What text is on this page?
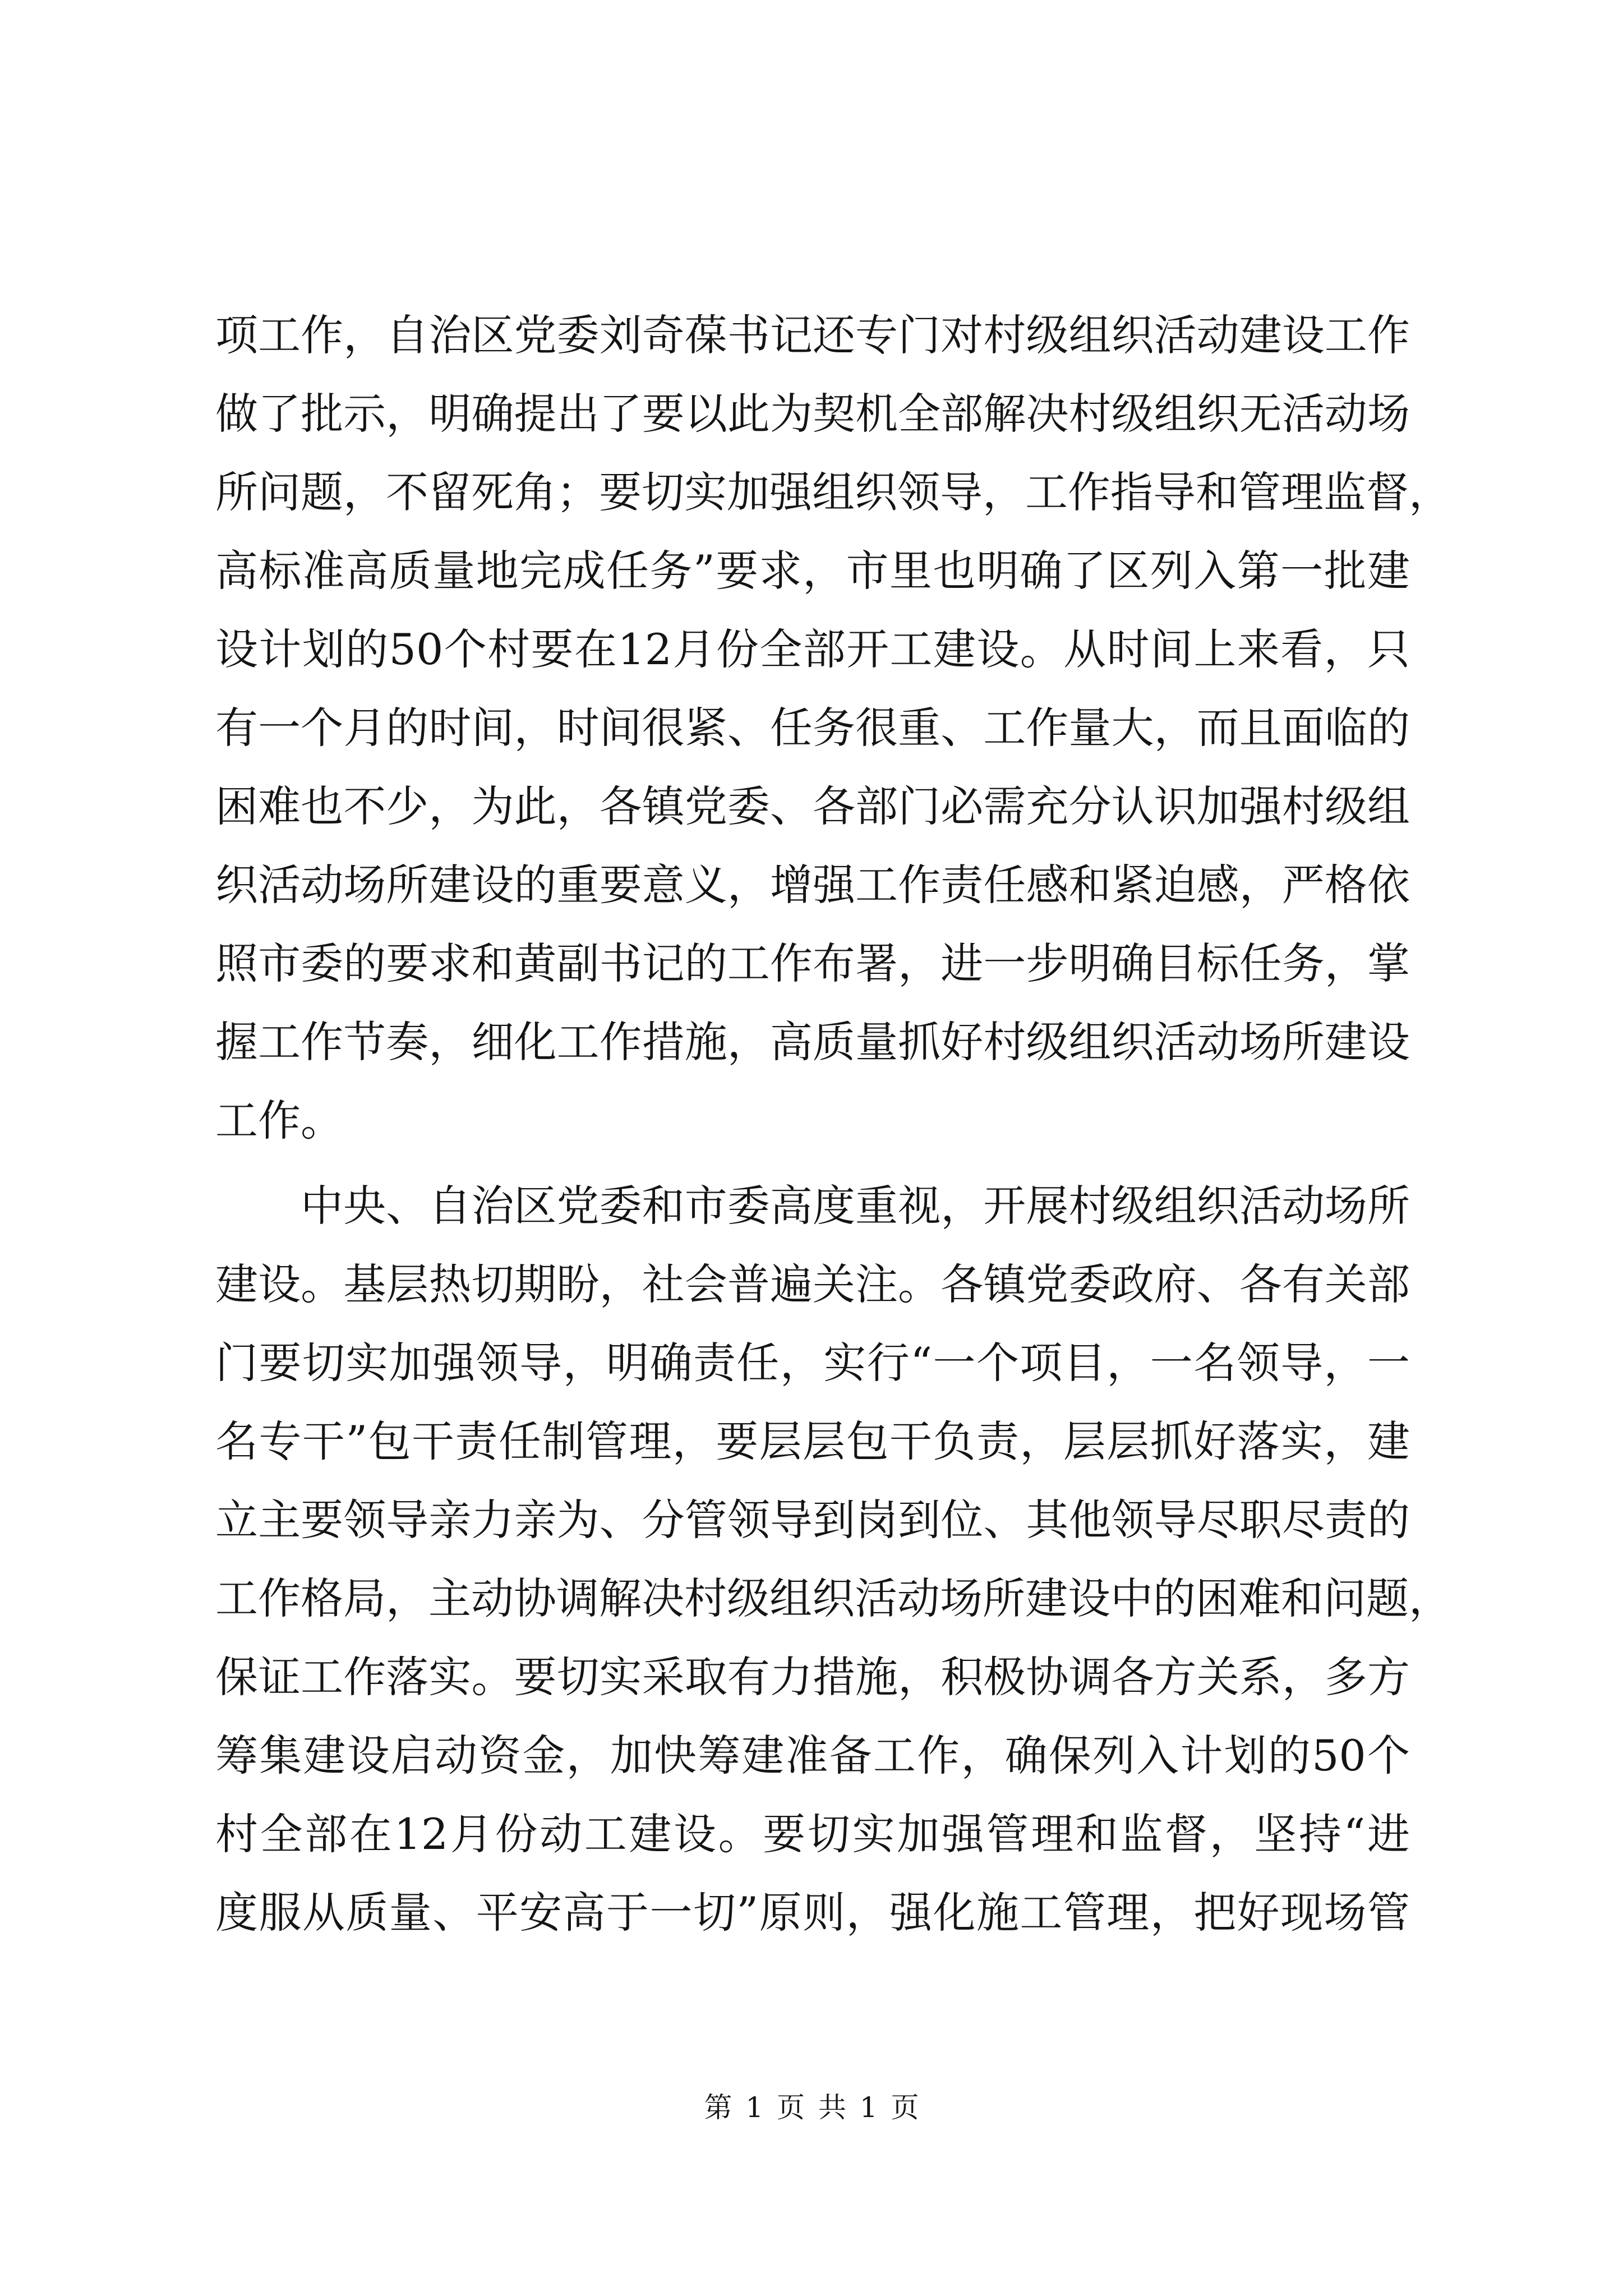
项工作，自治区党委刘奇葆书记还专门对村级组织活动建设工作
做了批示，明确提出了要以此为契机全部解决村级组织无活动场
所问题，不留死角；要切实加强组织领导，工作指导和管理监督，
高标准高质量地完成任务”要求，市里也明确了区列入第一批建
设计划的50个村要在12月份全部开工建设。从时间上来看，只
有一个月的时间，时间很紧、任务很重、工作量大，而且面临的
困难也不少，为此，各镇党委、各部门必需充分认识加强村级组
织活动场所建设的重要意义，增强工作责任感和紧迫感，严格依
照市委的要求和黄副书记的工作布署，进一步明确目标任务，掌
握工作节奏，细化工作措施，高质量抓好村级组织活动场所建设
工作。
中央、自治区党委和市委高度重视，开展村级组织活动场所
建设。基层热切期盼，社会普遍关注。各镇党委政府、各有关部
门要切实加强领导，明确责任，实行“一个项目，一名领导，一
名专干”包干责任制管理，要层层包干负责，层层抓好落实，建
立主要领导亲力亲为、分管领导到岗到位、其他领导尽职尽责的
工作格局，主动协调解决村级组织活动场所建设中的困难和问题，
保证工作落实。要切实采取有力措施，积极协调各方关系，多方
筹集建设启动资金，加快筹建准备工作，确保列入计划的50个
村全部在12月份动工建设。要切实加强管理和监督，坚持“进
度服从质量、平安高于一切”原则，强化施工管理，把好现场管
第 1 页 共 1 页
